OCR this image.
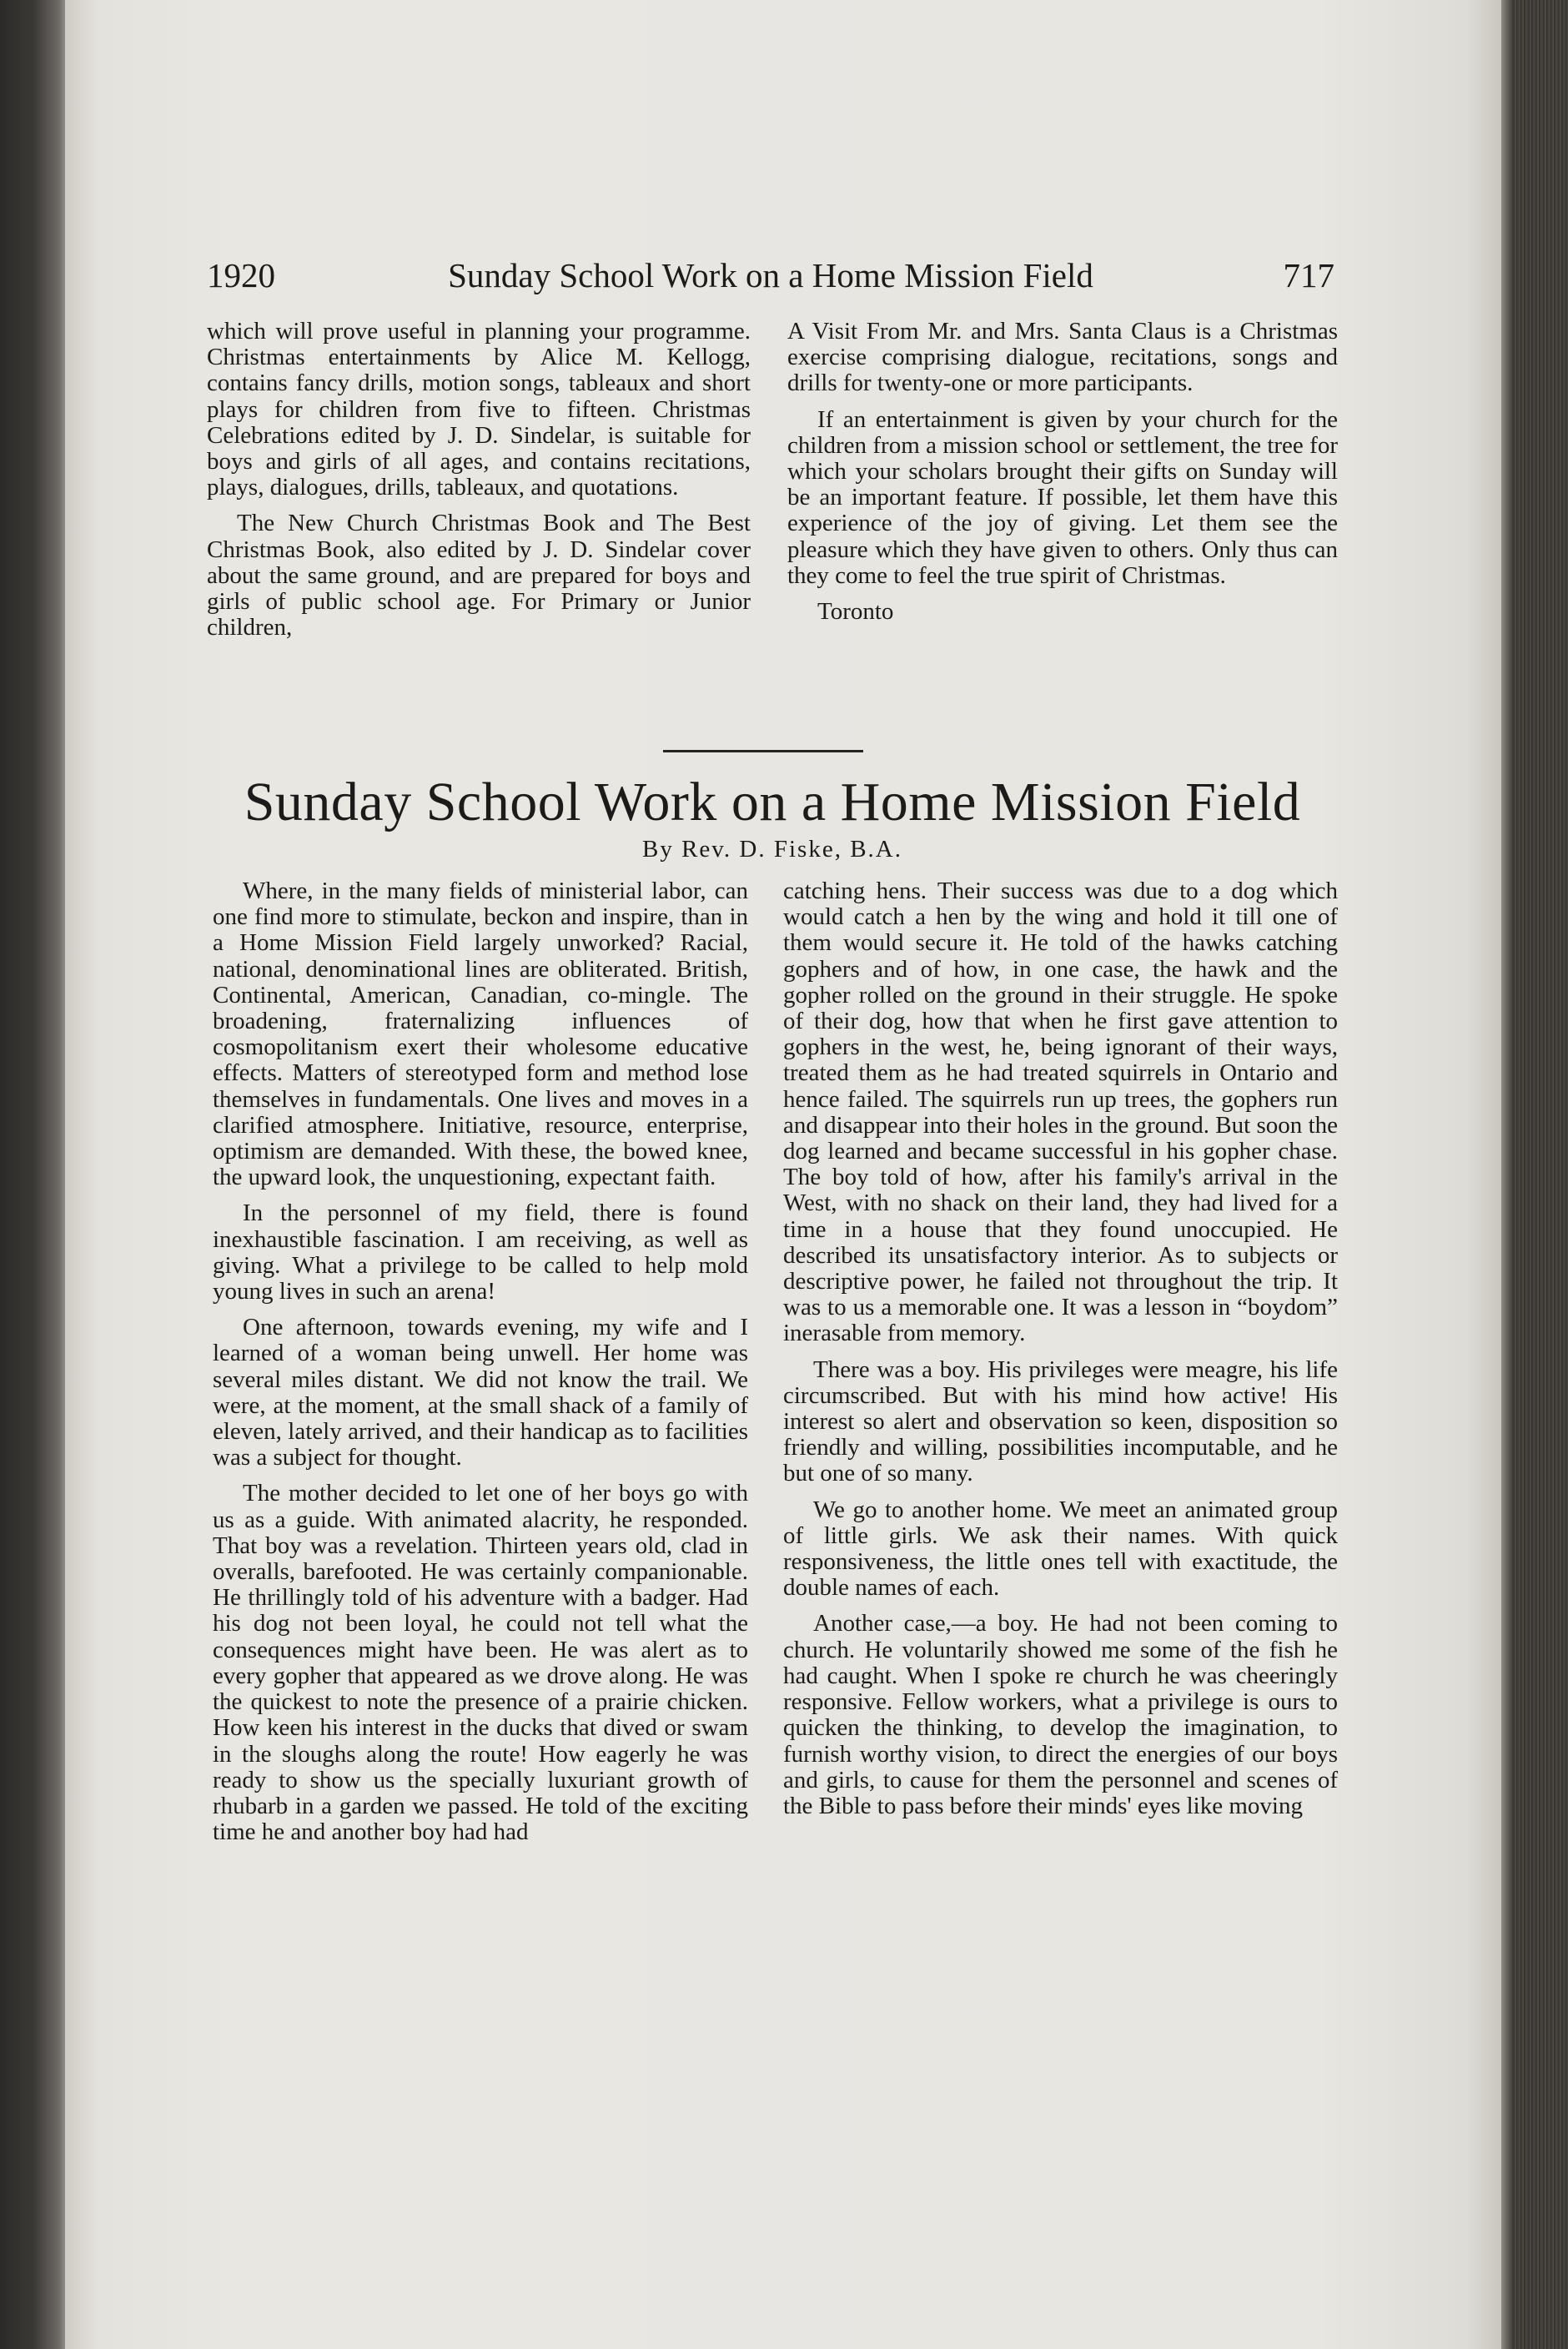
1920	Sunday School Work on a Home Mission Field	717

which will prove useful in planning your programme. Christmas entertainments by Alice M. Kellogg, contains fancy drills, motion songs, tableaux and short plays for children from five to fifteen. Christmas Celebrations edited by J. D. Sindelar, is suitable for boys and girls of all ages, and contains recitations, plays, dialogues, drills, tableaux, and quotations.

The New Church Christmas Book and The Best Christmas Book, also edited by J. D. Sindelar cover about the same ground, and are prepared for boys and girls of public school age. For Primary or Junior children,

A Visit From Mr. and Mrs. Santa Claus is a Christmas exercise comprising dialogue, recitations, songs and drills for twenty-one or more participants.

If an entertainment is given by your church for the children from a mission school or settlement, the tree for which your scholars brought their gifts on Sunday will be an important feature. If possible, let them have this experience of the joy of giving. Let them see the pleasure which they have given to others. Only thus can they come to feel the true spirit of Christmas.

Toronto

Sunday School Work on a Home Mission Field
By Rev. D. Fiske, B.A.

Where, in the many fields of ministerial labor, can one find more to stimulate, beckon and inspire, than in a Home Mission Field largely unworked? Racial, national, denominational lines are obliterated. British, Continental, American, Canadian, co-mingle. The broadening, fraternalizing influences of cosmopolitanism exert their wholesome educative effects. Matters of stereotyped form and method lose themselves in fundamentals. One lives and moves in a clarified atmosphere. Initiative, resource, enterprise, optimism are demanded. With these, the bowed knee, the upward look, the unquestioning, expectant faith.

In the personnel of my field, there is found inexhaustible fascination. I am receiving, as well as giving. What a privilege to be called to help mold young lives in such an arena!

One afternoon, towards evening, my wife and I learned of a woman being unwell. Her home was several miles distant. We did not know the trail. We were, at the moment, at the small shack of a family of eleven, lately arrived, and their handicap as to facilities was a subject for thought.

The mother decided to let one of her boys go with us as a guide. With animated alacrity, he responded. That boy was a revelation. Thirteen years old, clad in overalls, barefooted. He was certainly companionable. He thrillingly told of his adventure with a badger. Had his dog not been loyal, he could not tell what the consequences might have been. He was alert as to every gopher that appeared as we drove along. He was the quickest to note the presence of a prairie chicken. How keen his interest in the ducks that dived or swam in the sloughs along the route! How eagerly he was ready to show us the specially luxuriant growth of rhubarb in a garden we passed. He told of the exciting time he and another boy had had

catching hens. Their success was due to a dog which would catch a hen by the wing and hold it till one of them would secure it. He told of the hawks catching gophers and of how, in one case, the hawk and the gopher rolled on the ground in their struggle. He spoke of their dog, how that when he first gave attention to gophers in the west, he, being ignorant of their ways, treated them as he had treated squirrels in Ontario and hence failed. The squirrels run up trees, the gophers run and disappear into their holes in the ground. But soon the dog learned and became successful in his gopher chase. The boy told of how, after his family's arrival in the West, with no shack on their land, they had lived for a time in a house that they found unoccupied. He described its unsatisfactory interior. As to subjects or descriptive power, he failed not throughout the trip. It was to us a memorable one. It was a lesson in “boydom” inerasable from memory.

There was a boy. His privileges were meagre, his life circumscribed. But with his mind how active! His interest so alert and observation so keen, disposition so friendly and willing, possibilities incomputable, and he but one of so many.

We go to another home. We meet an animated group of little girls. We ask their names. With quick responsiveness, the little ones tell with exactitude, the double names of each.

Another case,—a boy. He had not been coming to church. He voluntarily showed me some of the fish he had caught. When I spoke re church he was cheeringly responsive. Fellow workers, what a privilege is ours to quicken the thinking, to develop the imagination, to furnish worthy vision, to direct the energies of our boys and girls, to cause for them the personnel and scenes of the Bible to pass before their minds' eyes like moving
